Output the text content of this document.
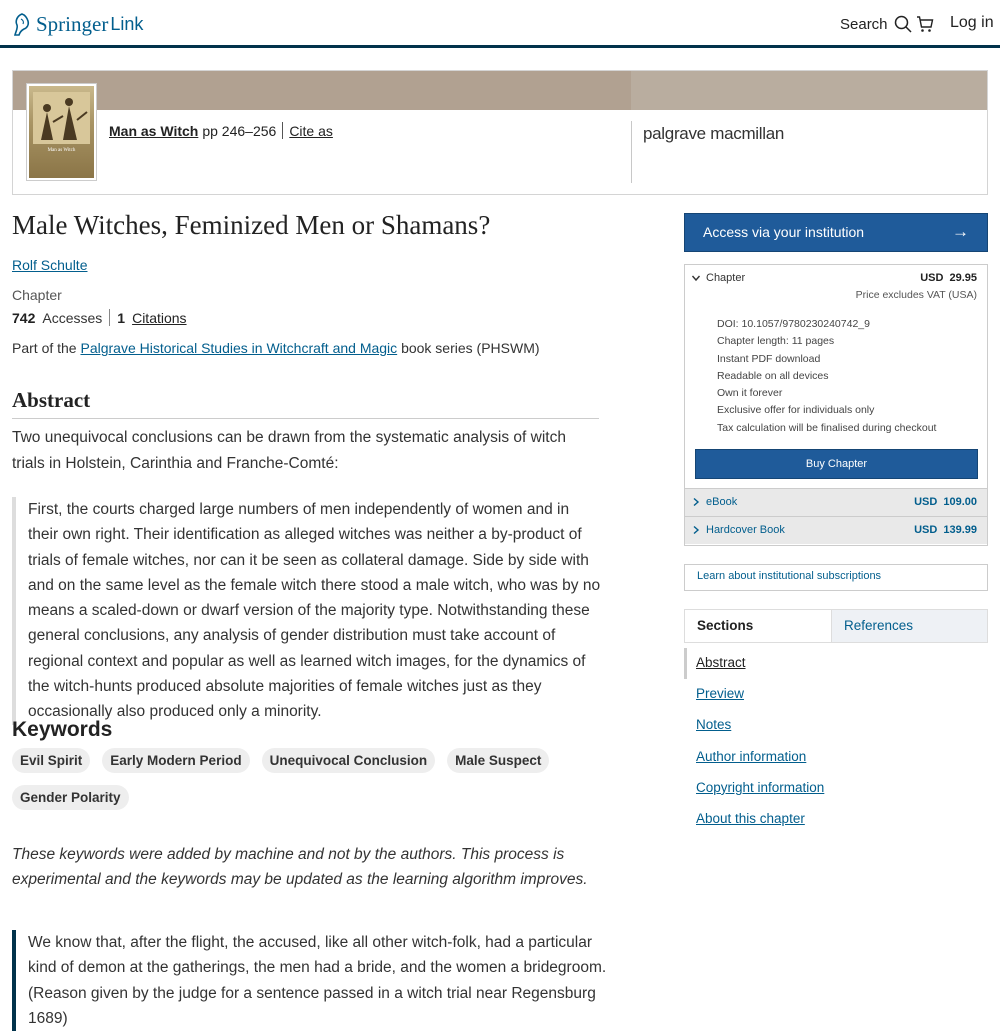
Springer Link	Search	Log in
Man as Witch
Man as Witch pp 246–256 Cite as	palgrave macmillan
Male Witches, Feminized Men or Shamans?
Rolf Schulte
Chapter
742 Accesses 1 Citations
Part of the Palgrave Historical Studies in Witchcraft and Magic book series (PHSWM)
Abstract

Two unequivocal conclusions can be drawn from the systematic analysis of witch trials in Holstein, Carinthia and Franche-Comté:

First, the courts charged large numbers of men independently of women and in their own right. Their identification as alleged witches was neither a by-product of trials of female witches, nor can it be seen as collateral damage. Side by side with and on the same level as the female witch there stood a male witch, who was by no means a scaled-down or dwarf version of the majority type. Notwithstanding these general conclusions, any analysis of gender distribution must take account of regional context and popular as well as learned witch images, for the dynamics of the witch-hunts produced absolute majorities of female witches just as they occasionally also produced only a minority.
Keywords
Evil Spirit	Early Modern Period	Unequivocal Conclusion	Male Suspect
Gender Polarity

These keywords were added by machine and not by the authors. This process is experimental and the keywords may be updated as the learning algorithm improves.

We know that, after the flight, the accused, like all other witch-folk, had a particular kind of demon at the gatherings, the men had a bride, and the women a bridegroom.
(Reason given by the judge for a sentence passed in a witch trial near Regensburg 1689)
Access via your institution	→
Chapter	USD 29.95
Price excludes VAT (USA)
DOI: 10.1057/9780230240742_9
Chapter length: 11 pages
Instant PDF download
Readable on all devices
Own it forever
Exclusive offer for individuals only
Tax calculation will be finalised during checkout
Buy Chapter
eBook	USD 109.00
Hardcover Book	USD 139.99
Learn about institutional subscriptions
Sections	References
Abstract
Preview
Notes
Author information
Copyright information
About this chapter
